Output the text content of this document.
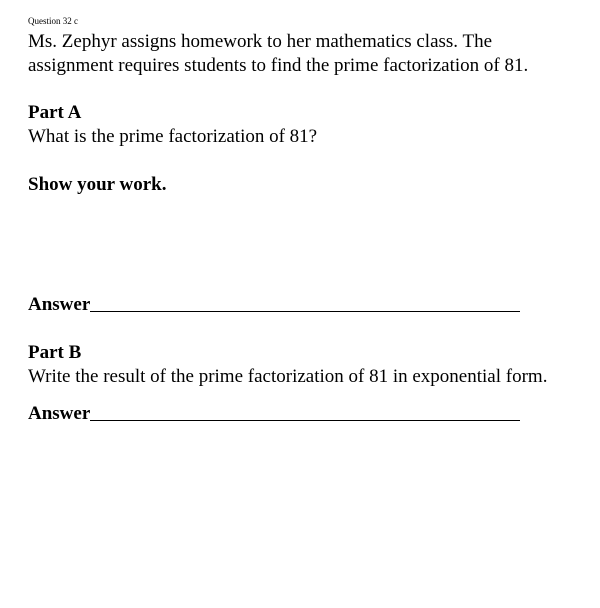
Question 32 c
Ms. Zephyr assigns homework to her mathematics class. The
assignment requires students to find the prime factorization of 81.
Part A
What is the prime factorization of 81?
Show your work.
Answer
Part B
Write the result of the prime factorization of 81 in exponential form.
Answer
